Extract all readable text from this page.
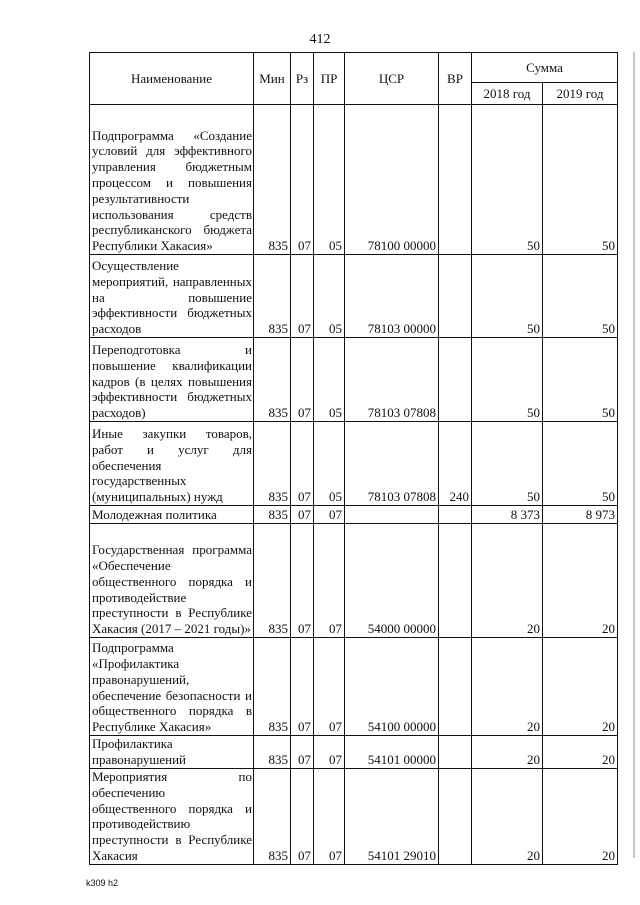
412
Наименование	Мин	Рз	ПР	ЦСР	ВР	Сумма	
						2018 год	2019 год
Подпрограмма «Создание условий для эффективного управления бюджетным процессом и повышения результативности использования средств республиканского бюджета Республики Хакасия»	835	07	05	78100 00000		50	50
Осуществление мероприятий, направленных на повышение эффективности бюджетных расходов	835	07	05	78103 00000		50	50
Переподготовка и повышение квалификации кадров (в целях повышения эффективности бюджетных расходов)	835	07	05	78103 07808		50	50
Иные закупки товаров, работ и услуг для обеспечения государственных (муниципальных) нужд	835	07	05	78103 07808	240	50	50
Молодежная политика	835	07	07			8 373	8 973
Государственная программа «Обеспечение общественного порядка и противодействие преступности в Республике Хакасия (2017 – 2021 годы)»	835	07	07	54000 00000		20	20
Подпрограмма «Профилактика правонарушений, обеспечение безопасности и общественного порядка в Республике Хакасия»	835	07	07	54100 00000		20	20
Профилактика правонарушений	835	07	07	54101 00000		20	20
Мероприятия по обеспечению общественного порядка и противодействию преступности в Республике Хакасия	835	07	07	54101 29010		20	20
k309 h2
